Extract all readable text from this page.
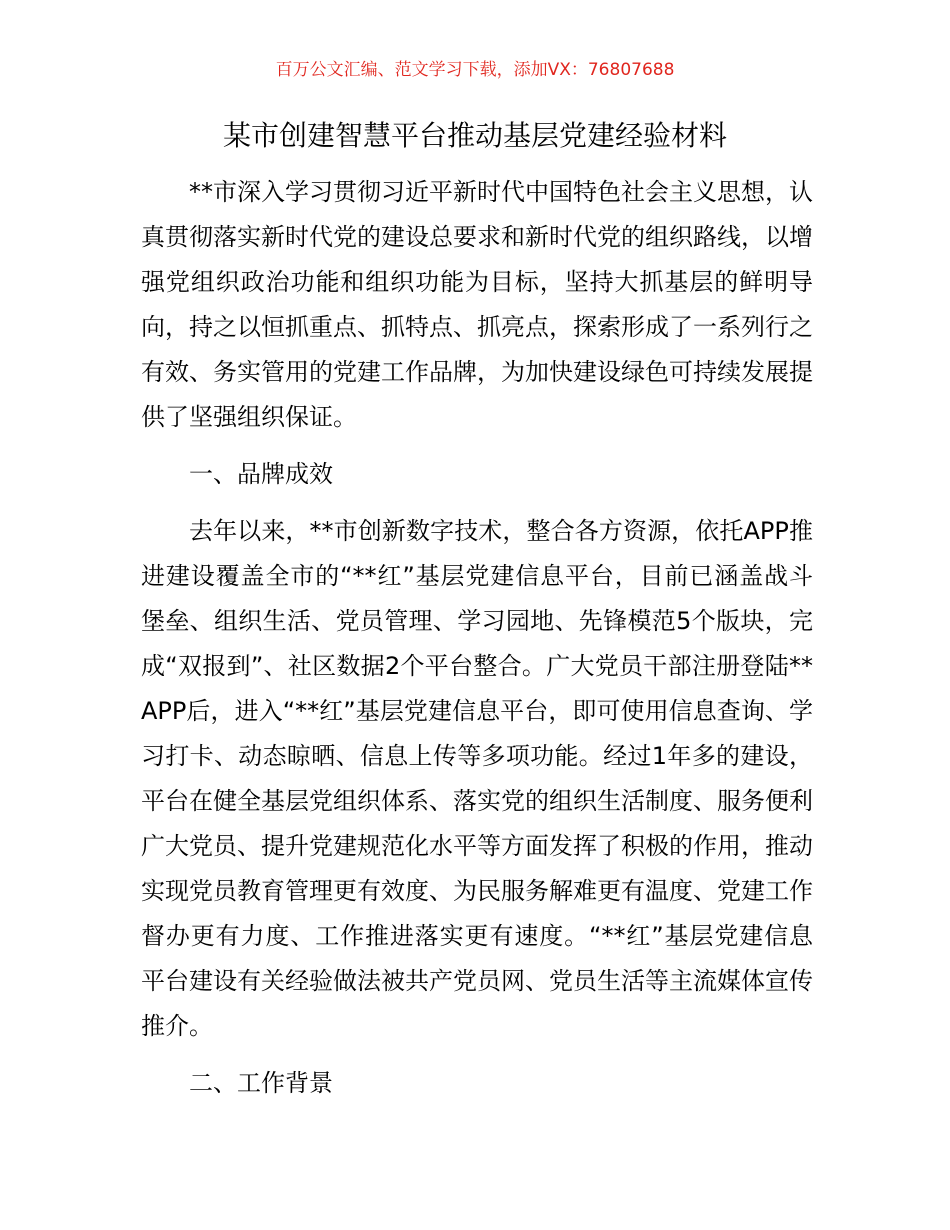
百万公文汇编、范文学习下载，添加VX：76807688
某市创建智慧平台推动基层党建经验材料

**市深入学习贯彻习近平新时代中国特色社会主义思想，认真贯彻落实新时代党的建设总要求和新时代党的组织路线，以增强党组织政治功能和组织功能为目标，坚持大抓基层的鲜明导向，持之以恒抓重点、抓特点、抓亮点，探索形成了一系列行之有效、务实管用的党建工作品牌，为加快建设绿色可持续发展提供了坚强组织保证。

一、品牌成效

去年以来，**市创新数字技术，整合各方资源，依托APP推进建设覆盖全市的“**红”基层党建信息平台，目前已涵盖战斗堡垒、组织生活、党员管理、学习园地、先锋模范5个版块，完成“双报到”、社区数据2个平台整合。广大党员干部注册登陆**APP后，进入“**红”基层党建信息平台，即可使用信息查询、学习打卡、动态晾晒、信息上传等多项功能。经过1年多的建设，平台在健全基层党组织体系、落实党的组织生活制度、服务便利广大党员、提升党建规范化水平等方面发挥了积极的作用，推动实现党员教育管理更有效度、为民服务解难更有温度、党建工作督办更有力度、工作推进落实更有速度。“**红”基层党建信息平台建设有关经验做法被共产党员网、党员生活等主流媒体宣传推介。

二、工作背景
